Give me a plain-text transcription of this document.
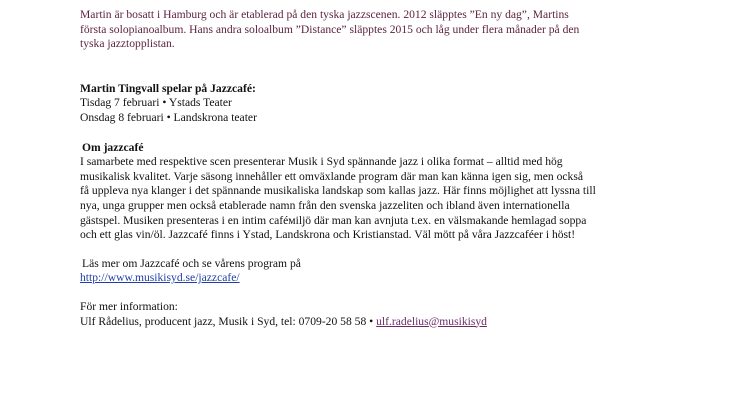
Martin är bosatt i Hamburg och är etablerad på den tyska jazzscenen. 2012 släpptes ”En ny dag”, Martins
första solopianoalbum. Hans andra soloalbum ”Distance” släpptes 2015 och låg under flera månader på den
tyska jazztopplistan.
Martin Tingvall spelar på Jazzcafé:
Tisdag 7 februari • Ystads Teater
Onsdag 8 februari • Landskrona teater
Om jazzcafé
I samarbete med respektive scen presenterar Musik i Syd spännande jazz i olika format – alltid med hög
musikalisk kvalitet. Varje säsong innehåller ett omväxlande program där man kan känna igen sig, men också
få uppleva nya klanger i det spännande musikaliska landskap som kallas jazz. Här finns möjlighet att lyssna till
nya, unga grupper men också etablerade namn från den svenska jazzeliten och ibland även internationella
gästspel. Musiken presenteras i en intim caféмiljö där man kan avnjuta t.ex. en välsmakande hemlagad soppa
och ett glas vin/öl. Jazzcafé finns i Ystad, Landskrona och Kristianstad. Väl mött på våra Jazzcaféer i höst!
Läs mer om Jazzcafé och se vårens program på
http://www.musikisyd.se/jazzcafe/
För mer information:
Ulf Rådelius, producent jazz, Musik i Syd, tel: 0709-20 58 58 • ulf.radelius@musikisyd
